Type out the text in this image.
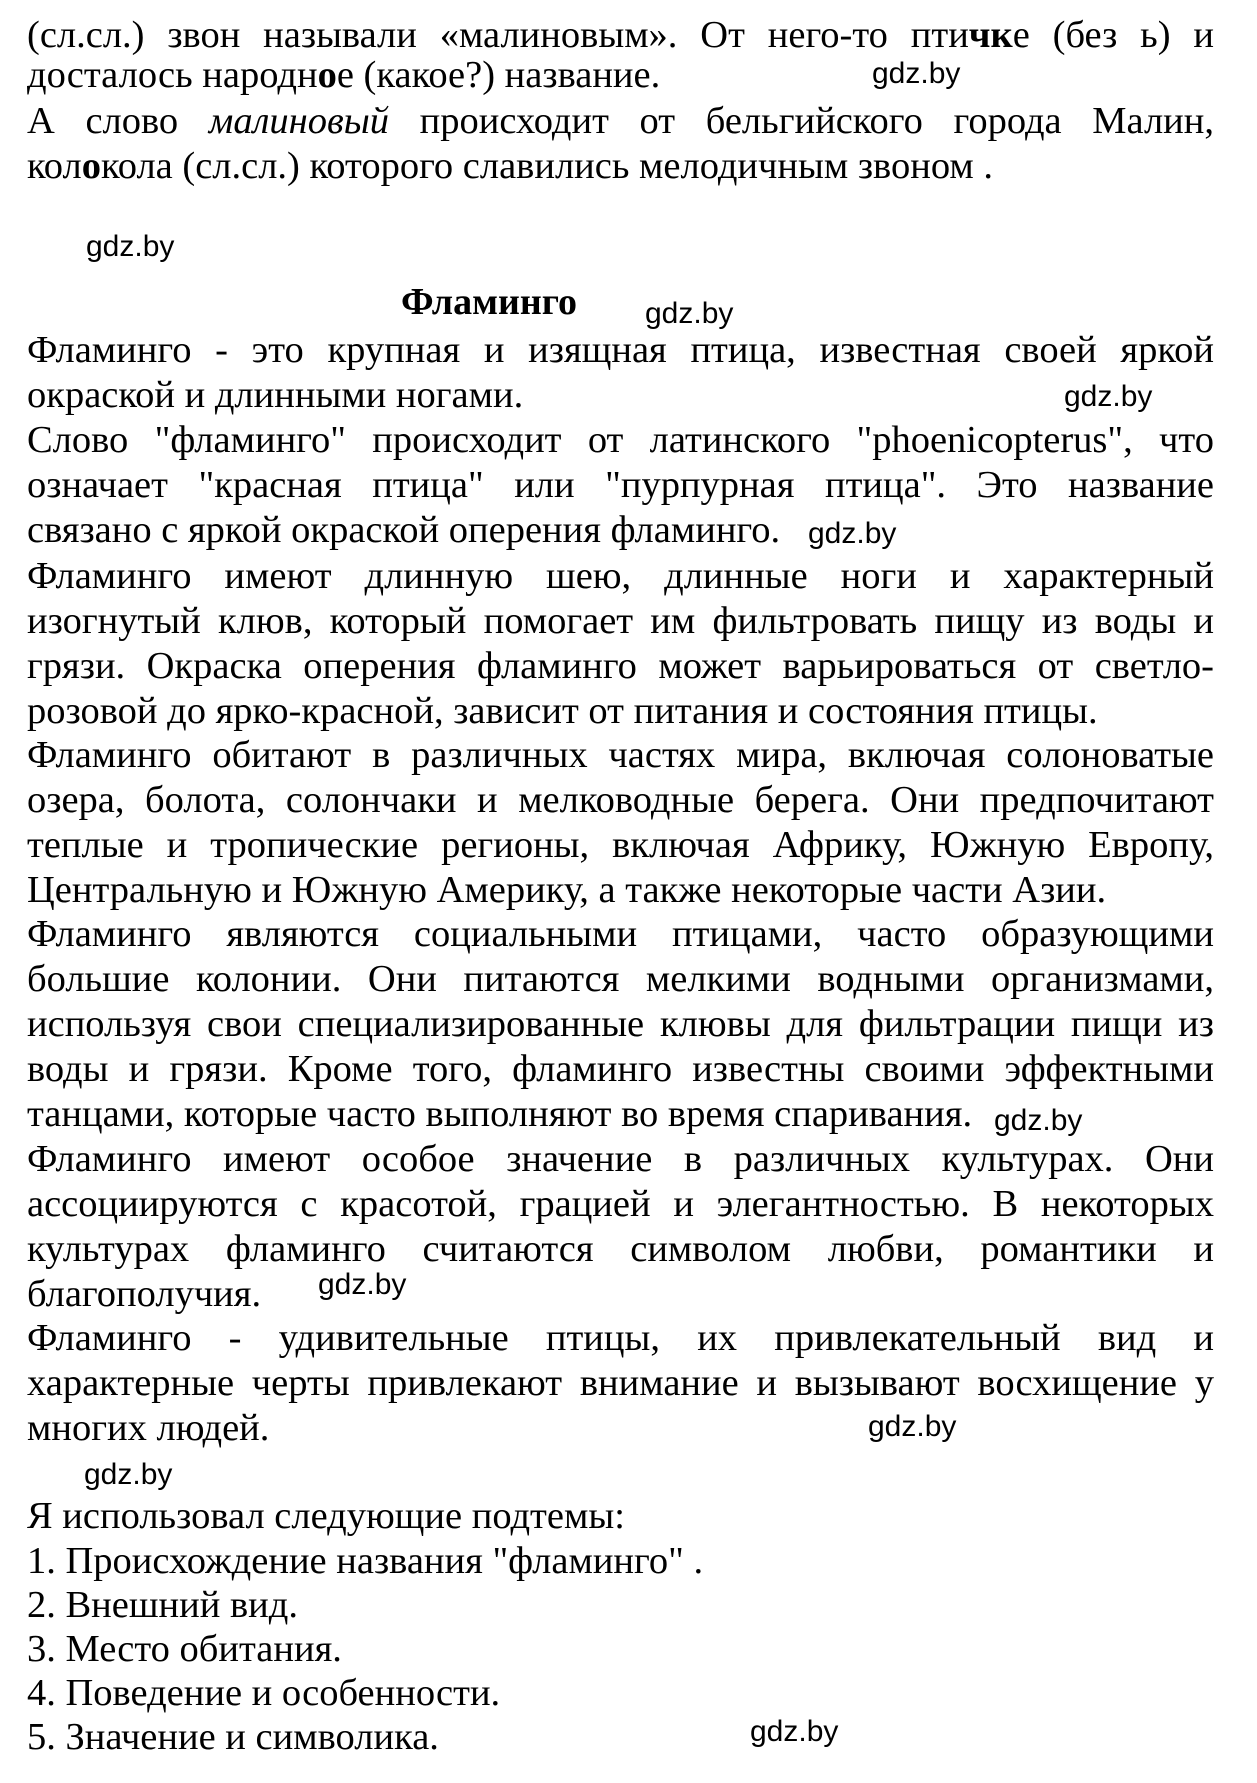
(сл.сл.) звон называли «малиновым». От него-то птичке (без ь) и
досталось народное (какое?) название.
А слово малиновый происходит от бельгийского города Малин,
колокола (сл.сл.) которого славились мелодичным звоном .
Фламинго
Фламинго - это крупная и изящная птица, известная своей яркой
окраской и длинными ногами.
Слово "фламинго" происходит от латинского "phoenicopterus", что
означает "красная птица" или "пурпурная птица". Это название
связано с яркой окраской оперения фламинго.
Фламинго имеют длинную шею, длинные ноги и характерный
изогнутый клюв, который помогает им фильтровать пищу из воды и
грязи. Окраска оперения фламинго может варьироваться от светло-
розовой до ярко-красной, зависит от питания и состояния птицы.
Фламинго обитают в различных частях мира, включая солоноватые
озера, болота, солончаки и мелководные берега. Они предпочитают
теплые и тропические регионы, включая Африку, Южную Европу,
Центральную и Южную Америку, а также некоторые части Азии.
Фламинго являются социальными птицами, часто образующими
большие колонии. Они питаются мелкими водными организмами,
используя свои специализированные клювы для фильтрации пищи из
воды и грязи. Кроме того, фламинго известны своими эффектными
танцами, которые часто выполняют во время спаривания.
Фламинго имеют особое значение в различных культурах. Они
ассоциируются с красотой, грацией и элегантностью. В некоторых
культурах фламинго считаются символом любви, романтики и
благополучия.
Фламинго - удивительные птицы, их привлекательный вид и
характерные черты привлекают внимание и вызывают восхищение у
многих людей.
Я использовал следующие подтемы:
1. Происхождение названия "фламинго" .
2. Внешний вид.
3. Место обитания.
4. Поведение и особенности.
5. Значение и символика.
gdz.by
gdz.by
gdz.by
gdz.by
gdz.by
gdz.by
gdz.by
gdz.by
gdz.by
gdz.by
